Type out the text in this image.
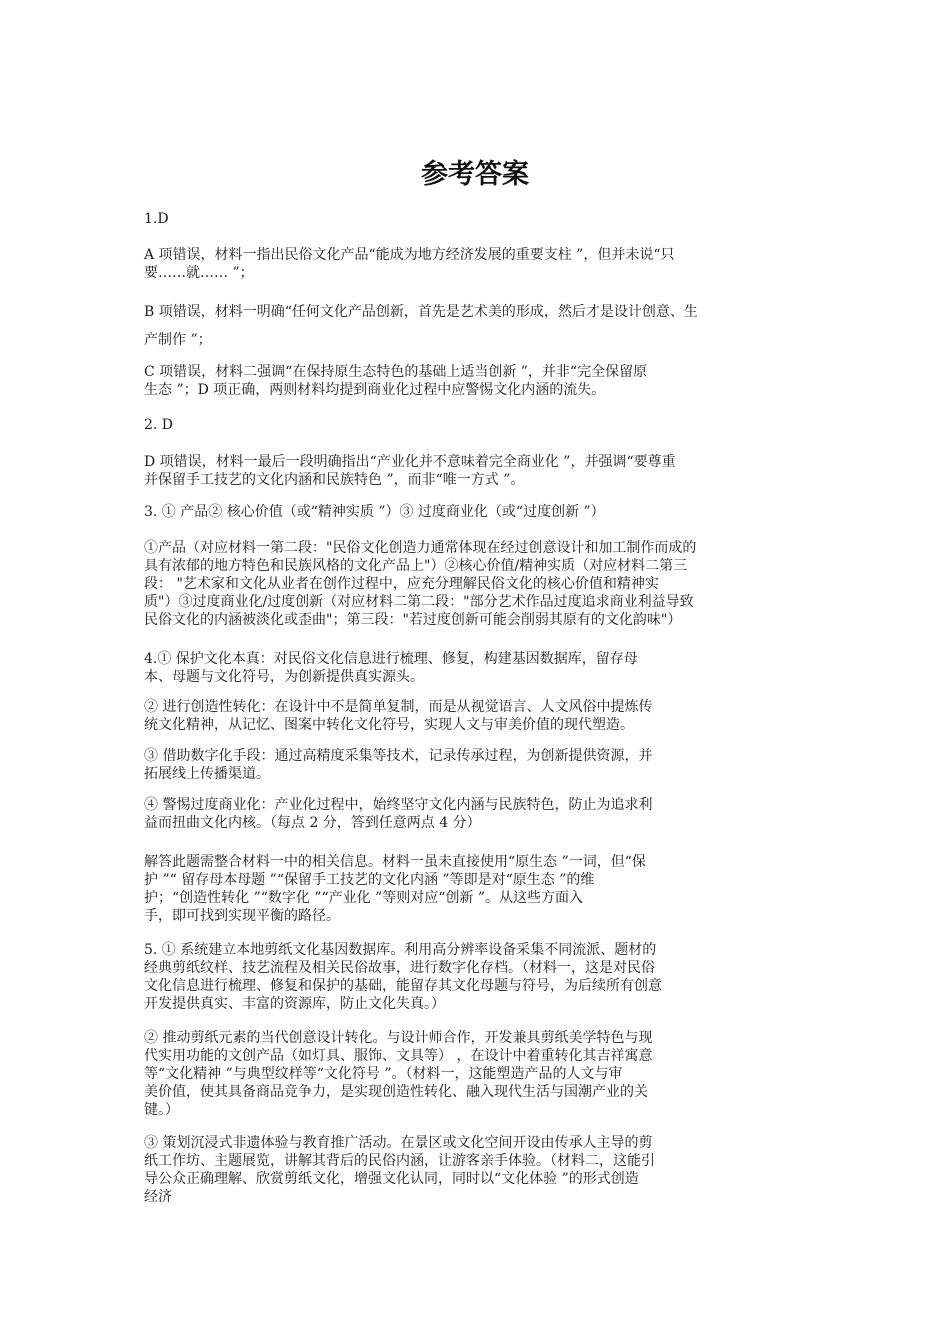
参考答案

1.D

A 项错误，材料一指出民俗文化产品“能成为地方经济发展的重要支柱 ”，但并未说“只
要……就…… ”；

B 项错误，材料一明确“任何文化产品创新，首先是艺术美的形成，然后才是设计创意、生
产制作 ”；

C 项错误，材料二强调“在保持原生态特色的基础上适当创新 ”，并非“完全保留原
生态 ”；D 项正确，两则材料均提到商业化过程中应警惕文化内涵的流失。

2. D

D 项错误，材料一最后一段明确指出“产业化并不意味着完全商业化 ”，并强调“要尊重
并保留手工技艺的文化内涵和民族特色 ”，而非“唯一方式 ”。

3. ① 产品② 核心价值（或“精神实质 ”）③ 过度商业化（或“过度创新 ”）

①产品（对应材料一第二段："民俗文化创造力通常体现在经过创意设计和加工制作而成的
具有浓郁的地方特色和民族风格的文化产品上"）②核心价值/精神实质（对应材料二第三
段： "艺术家和文化从业者在创作过程中，应充分理解民俗文化的核心价值和精神实
质"）③过度商业化/过度创新（对应材料二第二段："部分艺术作品过度追求商业利益导致
民俗文化的内涵被淡化或歪曲"；第三段："若过度创新可能会削弱其原有的文化韵味"）

4.① 保护文化本真：对民俗文化信息进行梳理、修复，构建基因数据库，留存母
本、母题与文化符号，为创新提供真实源头。

② 进行创造性转化：在设计中不是简单复制，而是从视觉语言、人文风俗中提炼传
统文化精神，从记忆、图案中转化文化符号，实现人文与审美价值的现代塑造。

③ 借助数字化手段：通过高精度采集等技术，记录传承过程，为创新提供资源，并
拓展线上传播渠道。

④ 警惕过度商业化：产业化过程中，始终坚守文化内涵与民族特色，防止为追求利
益而扭曲文化内核。（每点 2 分，答到任意两点 4 分）

解答此题需整合材料一中的相关信息。材料一虽未直接使用“原生态 ”一词，但“保
护 ”“ 留存母本母题 ”“保留手工技艺的文化内涵 ”等即是对“原生态 ”的维
护；“创造性转化 ”“数字化 ”“产业化 ”等则对应“创新 ”。从这些方面入
手，即可找到实现平衡的路径。

5. ① 系统建立本地剪纸文化基因数据库。利用高分辨率设备采集不同流派、题材的
经典剪纸纹样、技艺流程及相关民俗故事，进行数字化存档。（材料一，这是对民俗
文化信息进行梳理、修复和保护的基础，能留存其文化母题与符号，为后续所有创意
开发提供真实、丰富的资源库，防止文化失真。）

② 推动剪纸元素的当代创意设计转化。与设计师合作，开发兼具剪纸美学特色与现
代实用功能的文创产品（如灯具、服饰、文具等） ，在设计中着重转化其吉祥寓意
等“文化精神 ”与典型纹样等“文化符号 ”。（材料一，这能塑造产品的人文与审
美价值，使其具备商品竞争力，是实现创造性转化、融入现代生活与国潮产业的关
键。）

③ 策划沉浸式非遗体验与教育推广活动。在景区或文化空间开设由传承人主导的剪
纸工作坊、主题展览，讲解其背后的民俗内涵，让游客亲手体验。（材料二，这能引
导公众正确理解、欣赏剪纸文化，增强文化认同，同时以“文化体验 ”的形式创造
经济
